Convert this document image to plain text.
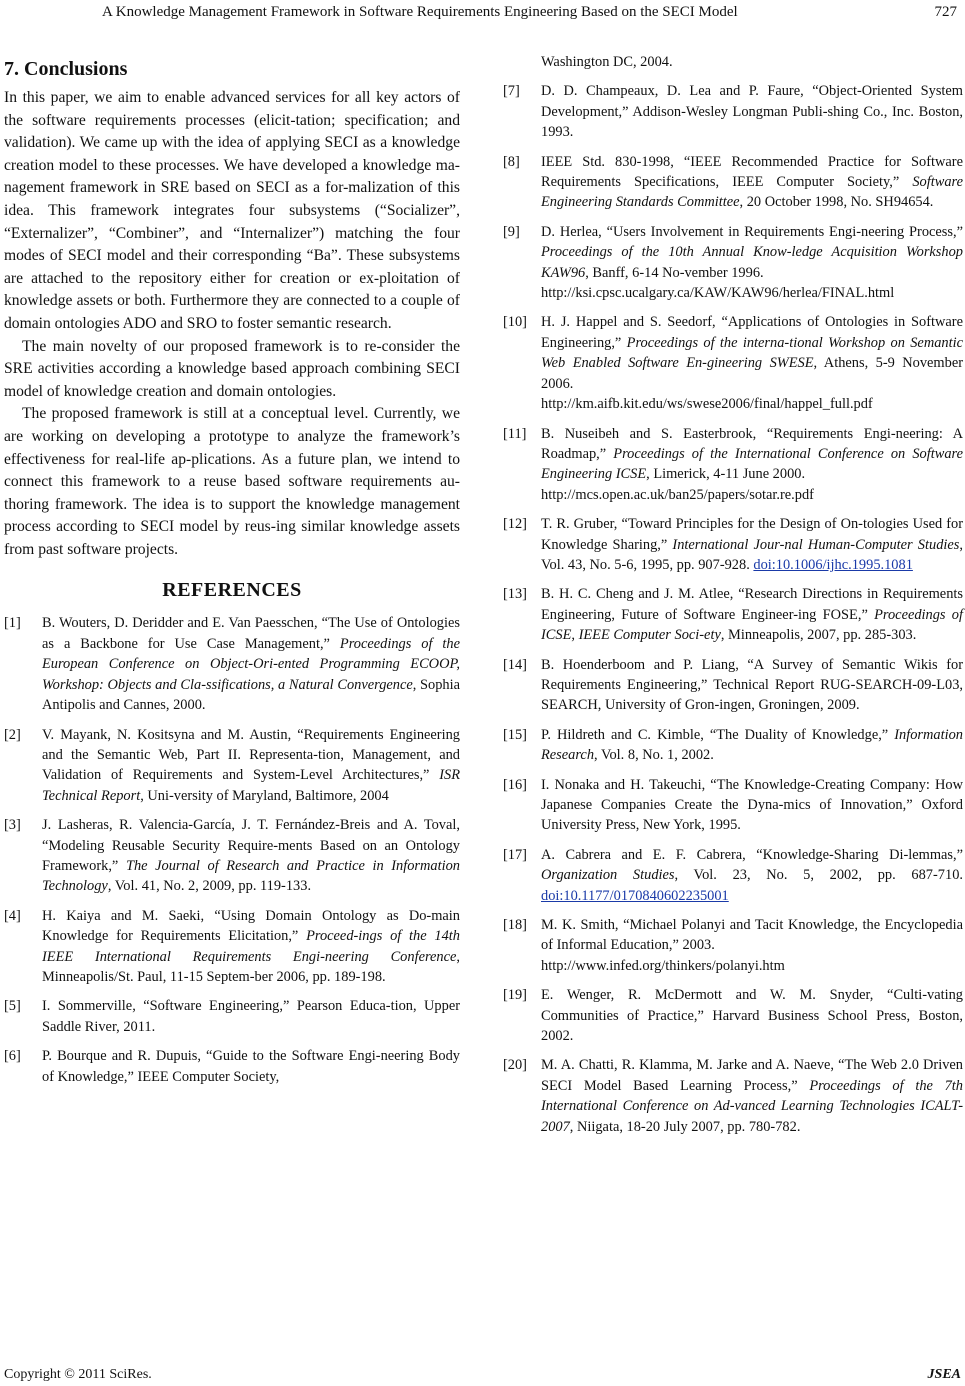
A Knowledge Management Framework in Software Requirements Engineering Based on the SECI Model	727
7. Conclusions

In this paper, we aim to enable advanced services for all key actors of the software requirements processes (elicit-tation; specification; and validation). We came up with the idea of applying SECI as a knowledge creation model to these processes. We have developed a knowledge ma-nagement framework in SRE based on SECI as a for-malization of this idea. This framework integrates four subsystems (“Socializer”, “Externalizer”, “Combiner”, and “Internalizer”) matching the four modes of SECI model and their corresponding “Ba”. These subsystems are attached to the repository either for creation or ex-ploitation of knowledge assets or both. Furthermore they are connected to a couple of domain ontologies ADO and SRO to foster semantic research.

The main novelty of our proposed framework is to re-consider the SRE activities according a knowledge based approach combining SECI model of knowledge creation and domain ontologies.

The proposed framework is still at a conceptual level. Currently, we are working on developing a prototype to analyze the framework’s effectiveness for real-life ap-plications. As a future plan, we intend to connect this framework to a reuse based software requirements au-thoring framework. The idea is to support the knowledge management process according to SECI model by reus-ing similar knowledge assets from past software projects.

REFERENCES
[1] B. Wouters, D. Deridder and E. Van Paesschen, “The Use of Ontologies as a Backbone for Use Case Management,” Proceedings of the European Conference on Object-Ori-ented Programming ECOOP, Workshop: Objects and Cla-ssifications, a Natural Convergence, Sophia Antipolis and Cannes, 2000.
[2] V. Mayank, N. Kositsyna and M. Austin, “Requirements Engineering and the Semantic Web, Part II. Representa-tion, Management, and Validation of Requirements and System-Level Architectures,” ISR Technical Report, Uni-versity of Maryland, Baltimore, 2004
[3] J. Lasheras, R. Valencia-García, J. T. Fernández-Breis and A. Toval, “Modeling Reusable Security Require-ments Based on an Ontology Framework,” The Journal of Research and Practice in Information Technology, Vol. 41, No. 2, 2009, pp. 119-133.
[4] H. Kaiya and M. Saeki, “Using Domain Ontology as Do-main Knowledge for Requirements Elicitation,” Proceed-ings of the 14th IEEE International Requirements Engi-neering Conference, Minneapolis/St. Paul, 11-15 Septem-ber 2006, pp. 189-198.
[5] I. Sommerville, “Software Engineering,” Pearson Educa-tion, Upper Saddle River, 2011.
[6] P. Bourque and R. Dupuis, “Guide to the Software Engi-neering Body of Knowledge,” IEEE Computer Society,
Washington DC, 2004.
[7] D. D. Champeaux, D. Lea and P. Faure, “Object-Oriented System Development,” Addison-Wesley Longman Publi-shing Co., Inc. Boston, 1993.
[8] IEEE Std. 830-1998, “IEEE Recommended Practice for Software Requirements Specifications, IEEE Computer Society,” Software Engineering Standards Committee, 20 October 1998, No. SH94654.
[9] D. Herlea, “Users Involvement in Requirements Engi-neering Process,” Proceedings of the 10th Annual Know-ledge Acquisition Workshop KAW96, Banff, 6-14 No-vember 1996.
http://ksi.cpsc.ucalgary.ca/KAW/KAW96/herlea/FINAL.html
[10] H. J. Happel and S. Seedorf, “Applications of Ontologies in Software Engineering,” Proceedings of the interna-tional Workshop on Semantic Web Enabled Software En-gineering SWESE, Athens, 5-9 November 2006.
http://km.aifb.kit.edu/ws/swese2006/final/happel_full.pdf
[11] B. Nuseibeh and S. Easterbrook, “Requirements Engi-neering: A Roadmap,” Proceedings of the International Conference on Software Engineering ICSE, Limerick, 4-11 June 2000.
http://mcs.open.ac.uk/ban25/papers/sotar.re.pdf
[12] T. R. Gruber, “Toward Principles for the Design of On-tologies Used for Knowledge Sharing,” International Jour-nal Human-Computer Studies, Vol. 43, No. 5-6, 1995, pp. 907-928. doi:10.1006/ijhc.1995.1081
[13] B. H. C. Cheng and J. M. Atlee, “Research Directions in Requirements Engineering, Future of Software Engineer-ing FOSE,” Proceedings of ICSE, IEEE Computer Soci-ety, Minneapolis, 2007, pp. 285-303.
[14] B. Hoenderboom and P. Liang, “A Survey of Semantic Wikis for Requirements Engineering,” Technical Report RUG-SEARCH-09-L03, SEARCH, University of Gron-ingen, Groningen, 2009.
[15] P. Hildreth and C. Kimble, “The Duality of Knowledge,” Information Research, Vol. 8, No. 1, 2002.
[16] I. Nonaka and H. Takeuchi, “The Knowledge-Creating Company: How Japanese Companies Create the Dyna-mics of Innovation,” Oxford University Press, New York, 1995.
[17] A. Cabrera and E. F. Cabrera, “Knowledge-Sharing Di-lemmas,” Organization Studies, Vol. 23, No. 5, 2002, pp. 687-710. doi:10.1177/0170840602235001
[18] M. K. Smith, “Michael Polanyi and Tacit Knowledge, the Encyclopedia of Informal Education,” 2003.
http://www.infed.org/thinkers/polanyi.htm
[19] E. Wenger, R. McDermott and W. M. Snyder, “Culti-vating Communities of Practice,” Harvard Business School Press, Boston, 2002.
[20] M. A. Chatti, R. Klamma, M. Jarke and A. Naeve, “The Web 2.0 Driven SECI Model Based Learning Process,” Proceedings of the 7th International Conference on Ad-vanced Learning Technologies ICALT-2007, Niigata, 18-20 July 2007, pp. 780-782.
Copyright © 2011 SciRes.	JSEA
